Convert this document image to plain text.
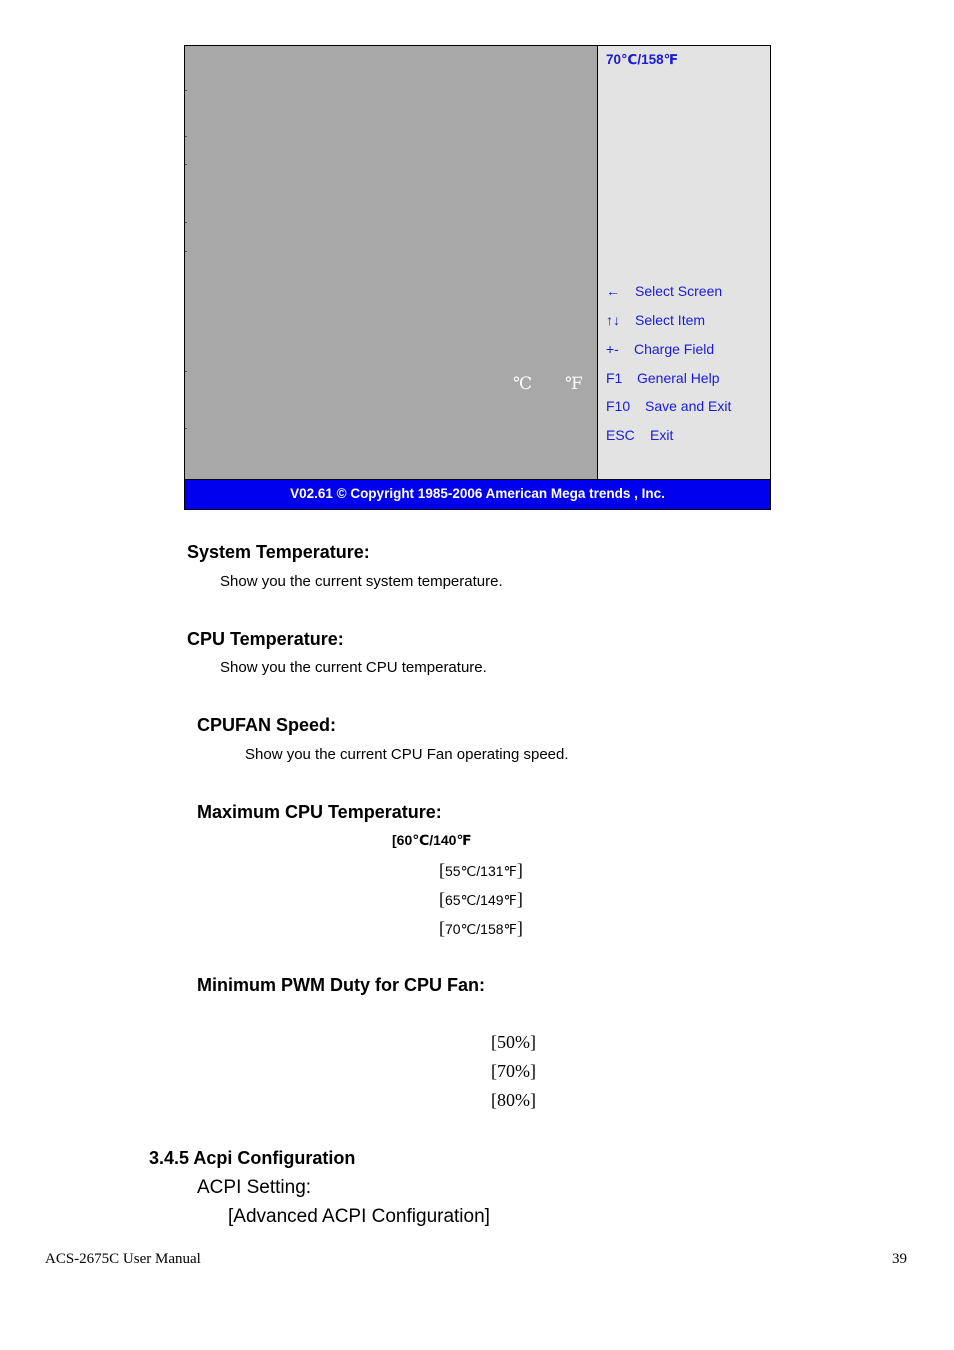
℃ ℉
70℃/158℉
← Select Screen
↑↓ Select Item
+- Charge Field
F1 General Help
F10 Save and Exit
ESC Exit
V02.61 © Copyright 1985-2006 American Mega trends , Inc.
System Temperature:
Show you the current system temperature.
CPU Temperature:
Show you the current CPU temperature.
CPUFAN Speed:
Show you the current CPU Fan operating speed.
Maximum CPU Temperature:
[60℃/140℉
[55℃/131℉]
[65℃/149℉]
[70℃/158℉]
Minimum PWM Duty for CPU Fan:
[50%]
[70%]
[80%]
3.4.5 Acpi Configuration
ACPI Setting:
[Advanced ACPI Configuration]
ACS-2675C User Manual	39
